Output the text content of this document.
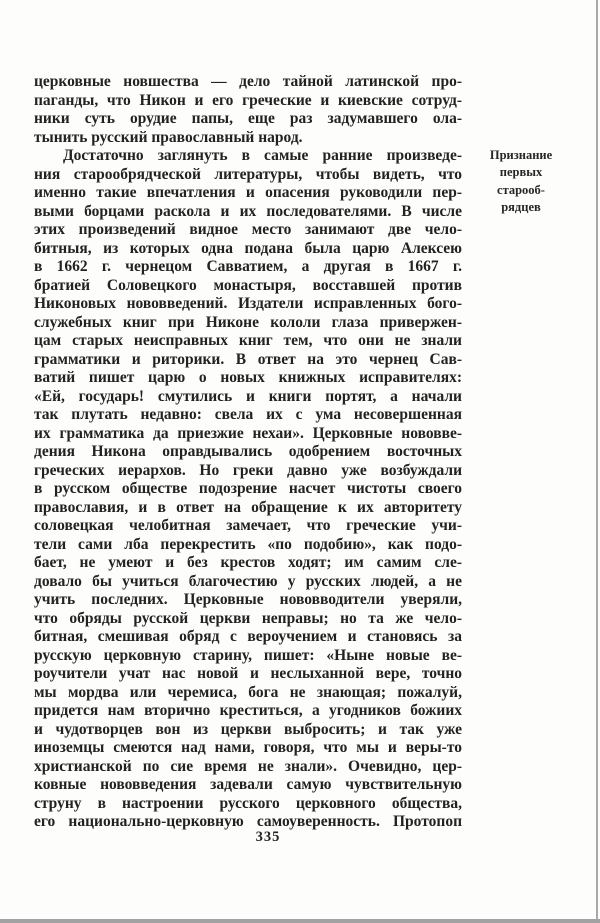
церковные новшества — дело тайной латинской про-
паганды, что Никон и его греческие и киевские сотруд-
ники суть орудие папы, еще раз задумавшего ола-
тынить русский православный народ.
Достаточно заглянуть в самые ранние произведе-
ния старообрядческой литературы, чтобы видеть, что
именно такие впечатления и опасения руководили пер-
выми борцами раскола и их последователями. В числе
этих произведений видное место занимают две чело-
битныя, из которых одна подана была царю Алексею
в 1662 г. чернецом Савватием, а другая в 1667 г.
братией Соловецкого монастыря, восставшей против
Никоновых нововведений. Издатели исправленных бого-
служебных книг при Никоне кололи глаза привержен-
цам старых неисправных книг тем, что они не знали
грамматики и риторики. В ответ на это чернец Сав-
ватий пишет царю о новых книжных исправителях:
«Ей, государь! смутились и книги портят, а начали
так плутать недавно: свела их с ума несовершенная
их грамматика да приезжие нехаи». Церковные нововве-
дения Никона оправдывались одобрением восточных
греческих иерархов. Но греки давно уже возбуждали
в русском обществе подозрение насчет чистоты своего
православия, и в ответ на обращение к их авторитету
соловецкая челобитная замечает, что греческие учи-
тели сами лба перекрестить «по подобию», как подо-
бает, не умеют и без крестов ходят; им самим сле-
довало бы учиться благочестию у русских людей, а не
учить последних. Церковные нововводители уверяли,
что обряды русской церкви неправы; но та же чело-
битная, смешивая обряд с вероучением и становясь за
русскую церковную старину, пишет: «Ныне новые ве-
роучители учат нас новой и неслыханной вере, точно
мы мордва или черемиса, бога не знающая; пожалуй,
придется нам вторично креститься, а угодников божиих
и чудотворцев вон из церкви выбросить; и так уже
иноземцы смеются над нами, говоря, что мы и веры-то
христианской по сие время не знали». Очевидно, цер-
ковные нововведения задевали самую чувствительную
струну в настроении русского церковного общества,
его национально-церковную самоуверенность. Протопоп
Признание
первых
старооб-
рядцев
335
